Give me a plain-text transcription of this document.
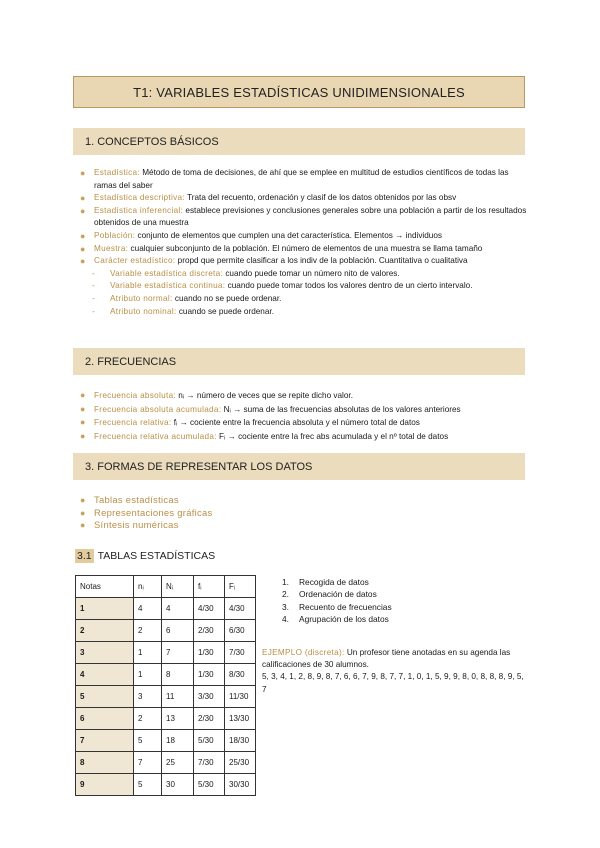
T1: VARIABLES ESTADÍSTICAS UNIDIMENSIONALES
1. CONCEPTOS BÁSICOS
● Estadística: Método de toma de decisiones, de ahí que se emplee en multitud de estudios científicos de todas las ramas del saber
● Estadística descriptiva: Trata del recuento, ordenación y clasif de los datos obtenidos por las obsv
● Estadística inferencial: establece previsiones y conclusiones generales sobre una población a partir de los resultados obtenidos de una muestra
● Población: conjunto de elementos que cumplen una det característica. Elementos → individuos
● Muestra: cualquier subconjunto de la población. El número de elementos de una muestra se llama tamaño
● Carácter estadístico: propd que permite clasificar a los indiv de la población. Cuantitativa o cualitativa
- Variable estadística discreta: cuando puede tomar un número nito de valores.
- Variable estadística continua: cuando puede tomar todos los valores dentro de un cierto intervalo.
- Atributo normal: cuando no se puede ordenar.
- Atributo nominal: cuando se puede ordenar.
2. FRECUENCIAS
● Frecuencia absoluta: nᵢ → número de veces que se repite dicho valor.
● Frecuencia absoluta acumulada: Nᵢ → suma de las frecuencias absolutas de los valores anteriores
● Frecuencia relativa: fᵢ → cociente entre la frecuencia absoluta y el número total de datos
● Frecuencia relativa acumulada: Fᵢ → cociente entre la frec abs acumulada y el nº total de datos
3. FORMAS DE REPRESENTAR LOS DATOS
● Tablas estadísticas
● Representaciones gráficas
● Síntesis numéricas
3.1 TABLAS ESTADÍSTICAS
Notas	nᵢ	Nᵢ	fᵢ	Fᵢ
1	4	4	4/30	4/30
2	2	6	2/30	6/30
3	1	7	1/30	7/30
4	1	8	1/30	8/30
5	3	11	3/30	11/30
6	2	13	2/30	13/30
7	5	18	5/30	18/30
8	7	25	7/30	25/30
9	5	30	5/30	30/30
1. Recogida de datos
2. Ordenación de datos
3. Recuento de frecuencias
4. Agrupación de los datos
EJEMPLO (discreta): Un profesor tiene anotadas en su agenda las calificaciones de 30 alumnos.
5, 3, 4, 1, 2, 8, 9, 8, 7, 6, 6, 7, 9, 8, 7, 7, 1, 0, 1, 5, 9, 9, 8, 0, 8, 8, 8, 9, 5, 7
